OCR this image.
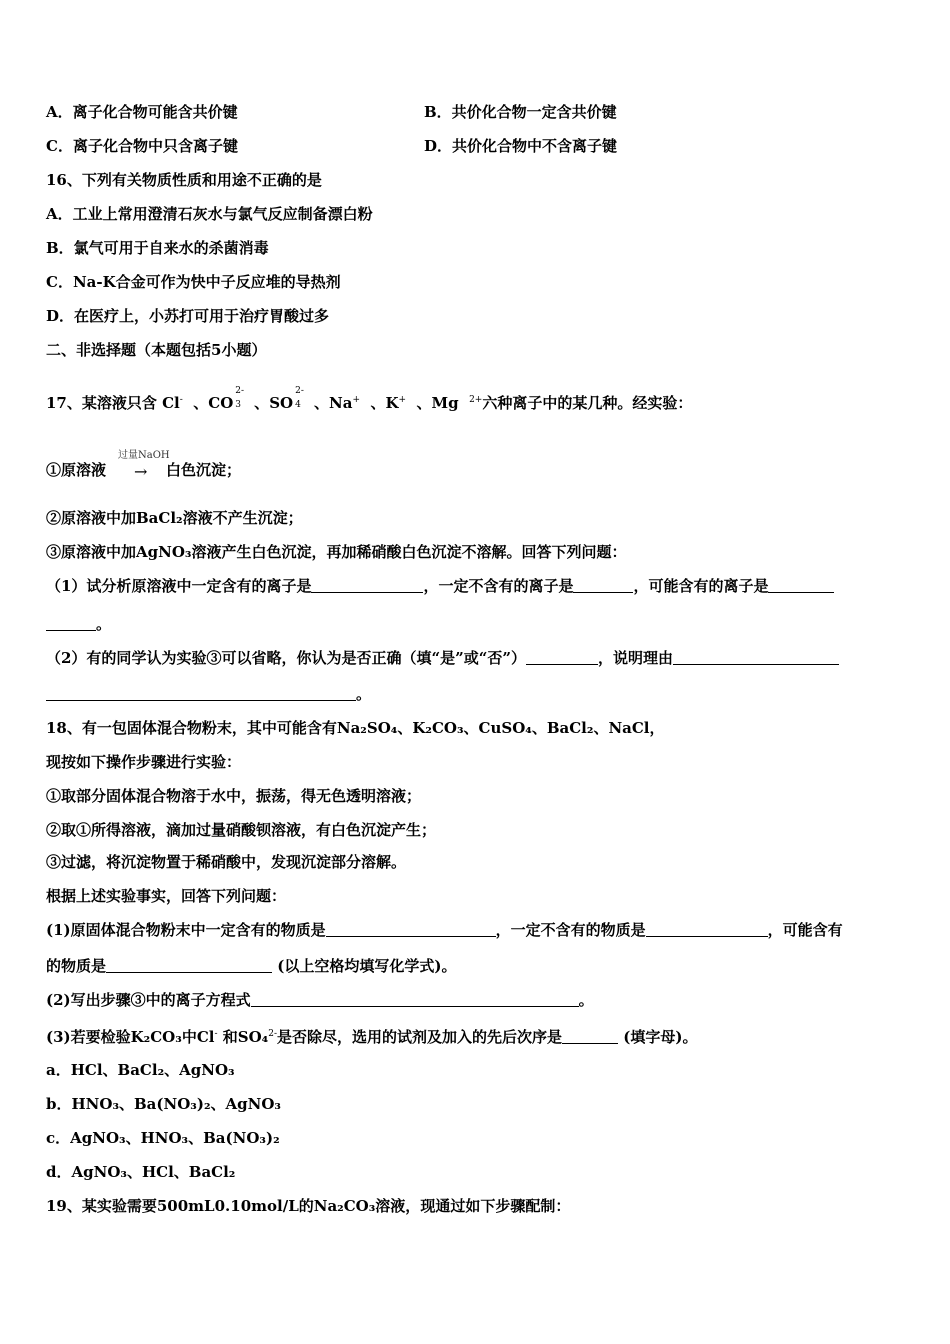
A．离子化合物可能含共价键	B．共价化合物一定含共价键
C．离子化合物中只含离子键	D．共价化合物中不含离子键
16、下列有关物质性质和用途不正确的是
A．工业上常用澄清石灰水与氯气反应制备漂白粉
B．氯气可用于自来水的杀菌消毒
C．Na-K合金可作为快中子反应堆的导热剂
D．在医疗上，小苏打可用于治疗胃酸过多
二、非选择题（本题包括5小题）
17、某溶液只含 Cl- 、CO
2-
3 、SO
2-
4 、Na+ 、K+ 、Mg $^{2+}$六种离子中的某几种。经实验：
①原溶液	白色沉淀；
过量NaOH
→
②原溶液中加BaCl₂溶液不产生沉淀；
③原溶液中加AgNO₃溶液产生白色沉淀，再加稀硝酸白色沉淀不溶解。回答下列问题：
（1）试分析原溶液中一定含有的离子是	，一定不含有的离子是	，可能含有的离子是
。
（2）有的同学认为实验③可以省略，你认为是否正确（填“是”或“否”）	，说明理由
。
18、有一包固体混合物粉末，其中可能含有Na₂SO₄、K₂CO₃、CuSO₄、BaCl₂、NaCl，
现按如下操作步骤进行实验：
①取部分固体混合物溶于水中，振荡，得无色透明溶液；
②取①所得溶液，滴加过量硝酸钡溶液，有白色沉淀产生；
③过滤，将沉淀物置于稀硝酸中，发现沉淀部分溶解。
根据上述实验事实，回答下列问题：
(1)原固体混合物粉末中一定含有的物质是	，一定不含有的物质是	，可能含有
的物质是	(以上空格均填写化学式)。
(2)写出步骤③中的离子方程式	。
(3)若要检验K₂CO₃中Cl- 和SO₄$^{2-}$是否除尽，选用的试剂及加入的先后次序是	(填字母)。
a．HCl、BaCl₂、AgNO₃
b．HNO₃、Ba(NO₃)₂、AgNO₃
c．AgNO₃、HNO₃、Ba(NO₃)₂
d．AgNO₃、HCl、BaCl₂
19、某实验需要500mL0.10mol/L的Na₂CO₃溶液，现通过如下步骤配制：
